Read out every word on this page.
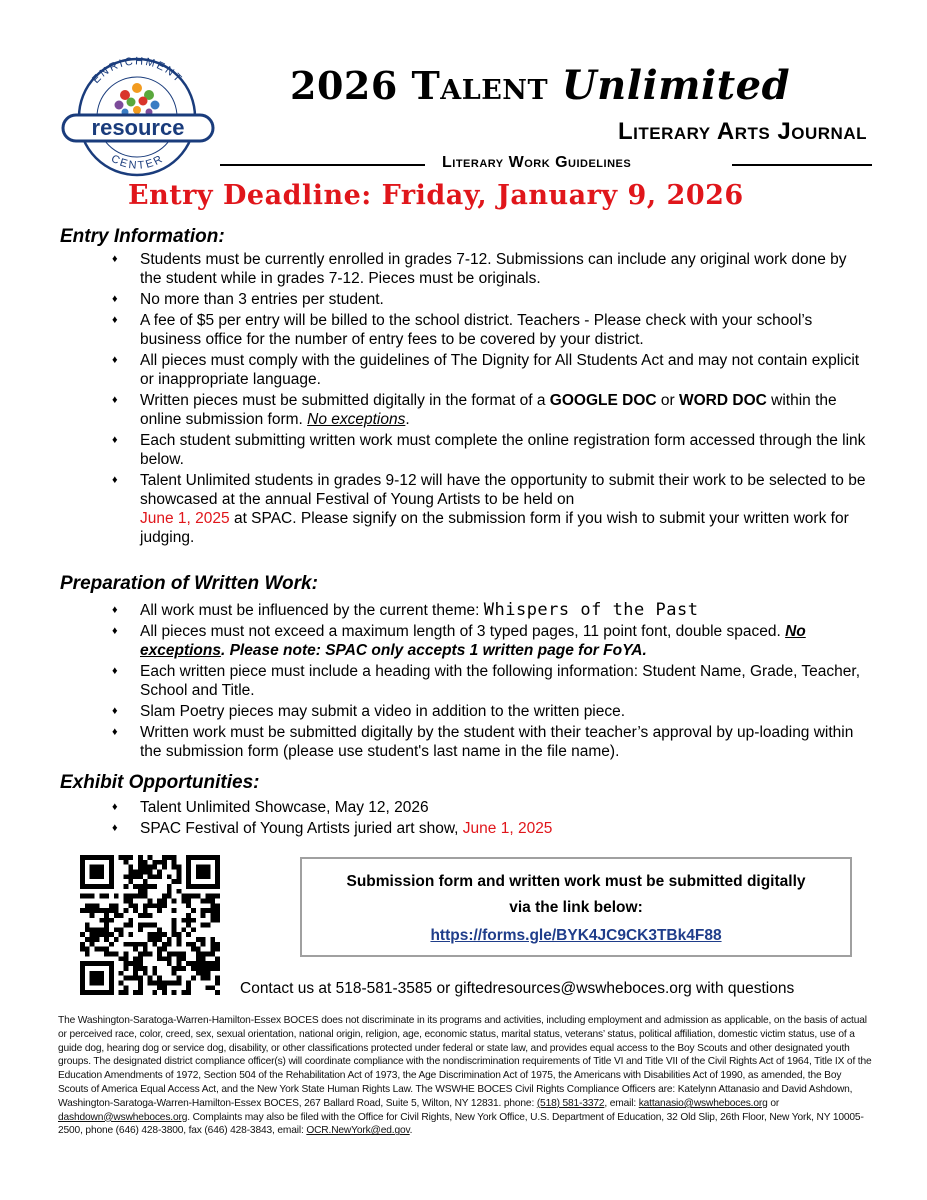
ENRICHMENT
resource
CENTER
2026 Talent Unlimited
Literary Arts Journal
Literary Work Guidelines
Entry Deadline: Friday, January 9, 2026
Entry Information:
♦ Students must be currently enrolled in grades 7-12. Submissions can include any original work done by the student while in grades 7-12. Pieces must be originals.
♦ No more than 3 entries per student.
♦ A fee of $5 per entry will be billed to the school district. Teachers - Please check with your school’s business office for the number of entry fees to be covered by your district.
♦ All pieces must comply with the guidelines of The Dignity for All Students Act and may not contain explicit or inappropriate language.
♦ Written pieces must be submitted digitally in the format of a GOOGLE DOC or WORD DOC within the online submission form. No exceptions.
♦ Each student submitting written work must complete the online registration form accessed through the link below.
♦ Talent Unlimited students in grades 9-12 will have the opportunity to submit their work to be selected to be showcased at the annual Festival of Young Artists to be held on
June 1, 2025 at SPAC. Please signify on the submission form if you wish to submit your written work for judging.
Preparation of Written Work:
♦ All work must be influenced by the current theme: Whispers of the Past
♦ All pieces must not exceed a maximum length of 3 typed pages, 11 point font, double spaced. No exceptions. Please note: SPAC only accepts 1 written page for FoYA.
♦ Each written piece must include a heading with the following information: Student Name, Grade, Teacher, School and Title.
♦ Slam Poetry pieces may submit a video in addition to the written piece.
♦ Written work must be submitted digitally by the student with their teacher’s approval by up-loading within the submission form (please use student's last name in the file name).
Exhibit Opportunities:
♦ Talent Unlimited Showcase, May 12, 2026
♦ SPAC Festival of Young Artists juried art show, June 1, 2025
Submission form and written work must be submitted digitally
via the link below:
https://forms.gle/BYK4JC9CK3TBk4F88
Contact us at 518-581-3585 or giftedresources@wswheboces.org with questions
The Washington-Saratoga-Warren-Hamilton-Essex BOCES does not discriminate in its programs and activities, including employment and admission as applicable, on the basis of actual or perceived race, color, creed, sex, sexual orientation, national origin, religion, age, economic status, marital status, veterans’ status, political affiliation, domestic victim status, use of a guide dog, hearing dog or service dog, disability, or other classifications protected under federal or state law, and provides equal access to the Boy Scouts and other designated youth groups. The designated district compliance officer(s) will coordinate compliance with the nondiscrimination requirements of Title VI and Title VII of the Civil Rights Act of 1964, Title IX of the Education Amendments of 1972, Section 504 of the Rehabilitation Act of 1973, the Age Discrimination Act of 1975, the Americans with Disabilities Act of 1990, as amended, the Boy Scouts of America Equal Access Act, and the New York State Human Rights Law. The WSWHE BOCES Civil Rights Compliance Officers are: Katelynn Attanasio and David Ashdown, Washington-Saratoga-Warren-Hamilton-Essex BOCES, 267 Ballard Road, Suite 5, Wilton, NY 12831. phone: (518) 581-3372, email: kattanasio@wswheboces.org or dashdown@wswheboces.org. Complaints may also be filed with the Office for Civil Rights, New York Office, U.S. Department of Education, 32 Old Slip, 26th Floor, New York, NY 10005- 2500, phone (646) 428-3800, fax (646) 428-3843, email: OCR.NewYork@ed.gov.
